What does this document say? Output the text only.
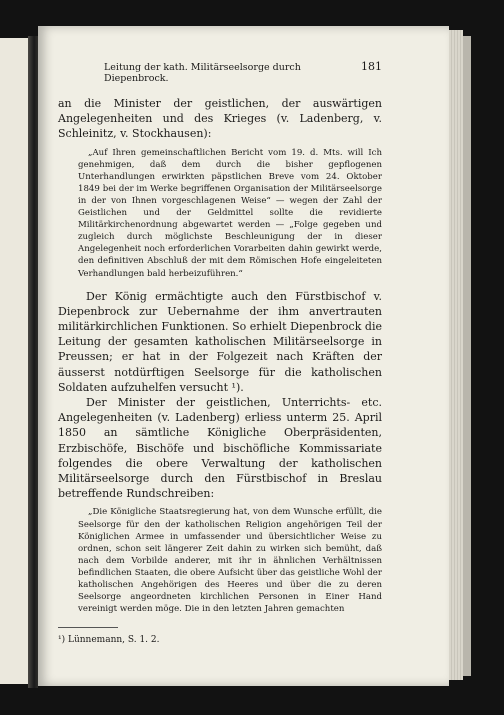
Leitung der kath. Militärseelsorge durch Diepenbrock.
181

an die Minister der geistlichen, der auswärtigen Angelegenheiten und des Krieges (v. Ladenberg, v. Schleinitz, v. Stockhausen):

„Auf Ihren gemeinschaftlichen Bericht vom 19. d. Mts. will Ich genehmigen, daß dem durch die bisher gepflogenen Unterhandlungen erwirkten päpstlichen Breve vom 24. Oktober 1849 bei der im Werke begriffenen Organisation der Militärseelsorge in der von Ihnen vorgeschlagenen Weise“ — wegen der Zahl der Geistlichen und der Geldmittel sollte die revidierte Militärkirchenordnung abgewartet werden — „Folge gegeben und zugleich durch möglichste Beschleunigung der in dieser Angelegenheit noch erforderlichen Vorarbeiten dahin gewirkt werde, den definitiven Abschluß der mit dem Römischen Hofe eingeleiteten Verhandlungen bald herbeizuführen.“

Der König ermächtigte auch den Fürstbischof v. Diepenbrock zur Uebernahme der ihm anvertrauten militärkirchlichen Funktionen. So erhielt Diepenbrock die Leitung der gesamten katholischen Militärseelsorge in Preussen; er hat in der Folgezeit nach Kräften der äusserst notdürftigen Seelsorge für die katholischen Soldaten aufzuhelfen versucht ¹).

Der Minister der geistlichen, Unterrichts- etc. Angelegenheiten (v. Ladenberg) erliess unterm 25. April 1850 an sämtliche Königliche Oberpräsidenten, Erzbischöfe, Bischöfe und bischöfliche Kommissariate folgendes die obere Verwaltung der katholischen Militärseelsorge durch den Fürstbischof in Breslau betreffende Rundschreiben:

„Die Königliche Staatsregierung hat, von dem Wunsche erfüllt, die Seelsorge für den der katholischen Religion angehörigen Teil der Königlichen Armee in umfassender und übersichtlicher Weise zu ordnen, schon seit längerer Zeit dahin zu wirken sich bemüht, daß nach dem Vorbilde anderer, mit ihr in ähnlichen Verhältnissen befindlichen Staaten, die obere Aufsicht über das geistliche Wohl der katholischen Angehörigen des Heeres und über die zu deren Seelsorge angeordneten kirchlichen Personen in Einer Hand vereinigt werden möge. Die in den letzten Jahren gemachten

¹) Lünnemann, S. 1. 2.
